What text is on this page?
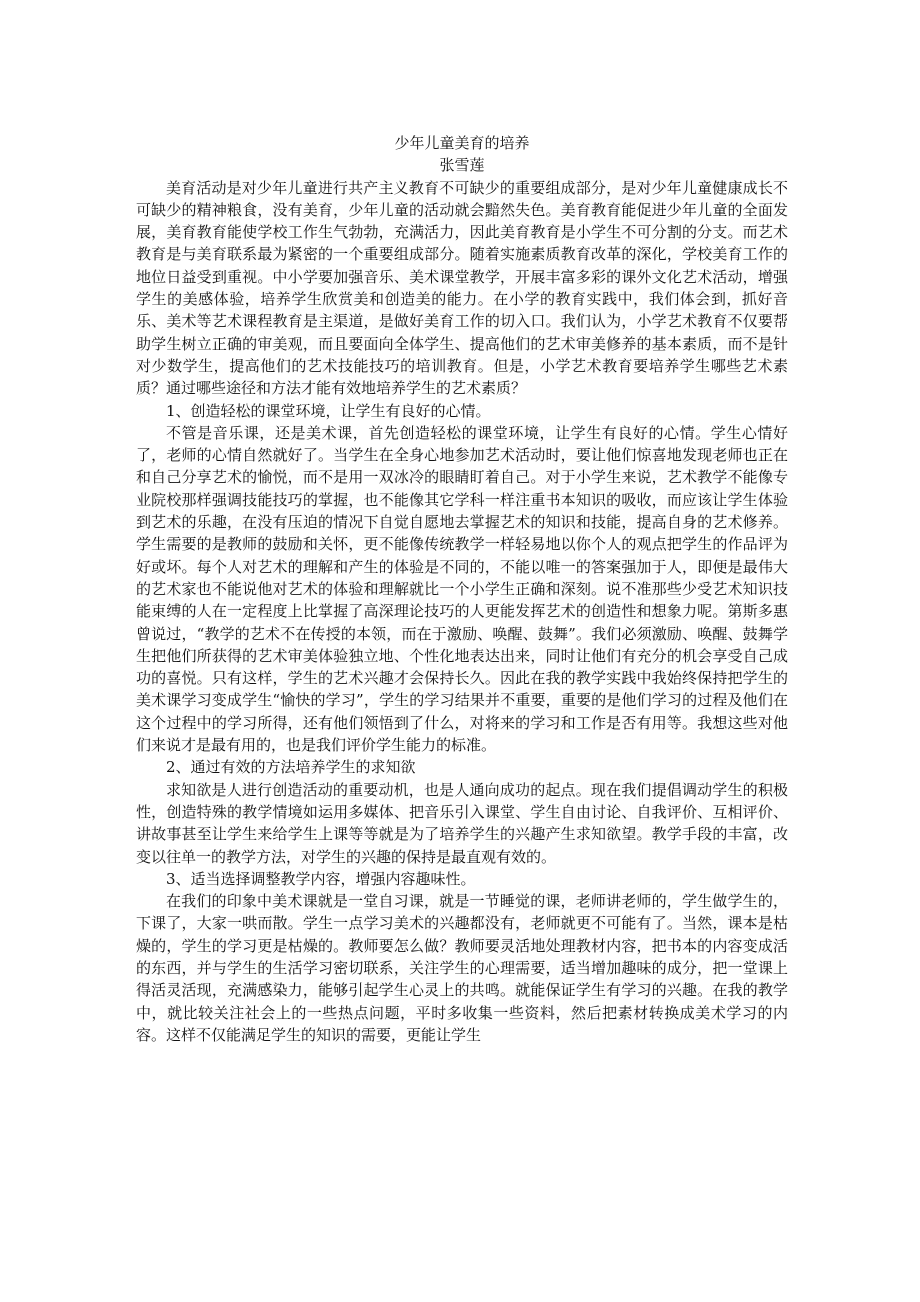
少年儿童美育的培养
张雪莲

美育活动是对少年儿童进行共产主义教育不可缺少的重要组成部分，是对少年儿童健康成长不可缺少的精神粮食，没有美育，少年儿童的活动就会黯然失色。美育教育能促进少年儿童的全面发展，美育教育能使学校工作生气勃勃，充满活力，因此美育教育是小学生不可分割的分支。而艺术教育是与美育联系最为紧密的一个重要组成部分。随着实施素质教育改革的深化，学校美育工作的地位日益受到重视。中小学要加强音乐、美术课堂教学，开展丰富多彩的课外文化艺术活动，增强学生的美感体验，培养学生欣赏美和创造美的能力。在小学的教育实践中，我们体会到，抓好音乐、美术等艺术课程教育是主渠道，是做好美育工作的切入口。我们认为，小学艺术教育不仅要帮助学生树立正确的审美观，而且要面向全体学生、提高他们的艺术审美修养的基本素质，而不是针对少数学生，提高他们的艺术技能技巧的培训教育。但是，小学艺术教育要培养学生哪些艺术素质？通过哪些途径和方法才能有效地培养学生的艺术素质？

1、创造轻松的课堂环境，让学生有良好的心情。

不管是音乐课，还是美术课，首先创造轻松的课堂环境，让学生有良好的心情。学生心情好了，老师的心情自然就好了。当学生在全身心地参加艺术活动时，要让他们惊喜地发现老师也正在和自己分享艺术的愉悦，而不是用一双冰冷的眼睛盯着自己。对于小学生来说，艺术教学不能像专业院校那样强调技能技巧的掌握，也不能像其它学科一样注重书本知识的吸收，而应该让学生体验到艺术的乐趣，在没有压迫的情况下自觉自愿地去掌握艺术的知识和技能，提高自身的艺术修养。学生需要的是教师的鼓励和关怀，更不能像传统教学一样轻易地以你个人的观点把学生的作品评为好或坏。每个人对艺术的理解和产生的体验是不同的，不能以唯一的答案强加于人，即便是最伟大的艺术家也不能说他对艺术的体验和理解就比一个小学生正确和深刻。说不准那些少受艺术知识技能束缚的人在一定程度上比掌握了高深理论技巧的人更能发挥艺术的创造性和想象力呢。第斯多惠曾说过，“教学的艺术不在传授的本领，而在于激励、唤醒、鼓舞”。我们必须激励、唤醒、鼓舞学生把他们所获得的艺术审美体验独立地、个性化地表达出来，同时让他们有充分的机会享受自己成功的喜悦。只有这样，学生的艺术兴趣才会保持长久。因此在我的教学实践中我始终保持把学生的美术课学习变成学生“愉快的学习”，学生的学习结果并不重要，重要的是他们学习的过程及他们在这个过程中的学习所得，还有他们领悟到了什么，对将来的学习和工作是否有用等。我想这些对他们来说才是最有用的，也是我们评价学生能力的标准。

2、通过有效的方法培养学生的求知欲

求知欲是人进行创造活动的重要动机，也是人通向成功的起点。现在我们提倡调动学生的积极性，创造特殊的教学情境如运用多媒体、把音乐引入课堂、学生自由讨论、自我评价、互相评价、讲故事甚至让学生来给学生上课等等就是为了培养学生的兴趣产生求知欲望。教学手段的丰富，改变以往单一的教学方法，对学生的兴趣的保持是最直观有效的。

3、适当选择调整教学内容，增强内容趣味性。

在我们的印象中美术课就是一堂自习课，就是一节睡觉的课，老师讲老师的，学生做学生的，下课了，大家一哄而散。学生一点学习美术的兴趣都没有，老师就更不可能有了。当然，课本是枯燥的，学生的学习更是枯燥的。教师要怎么做？教师要灵活地处理教材内容，把书本的内容变成活的东西，并与学生的生活学习密切联系，关注学生的心理需要，适当增加趣味的成分，把一堂课上得活灵活现，充满感染力，能够引起学生心灵上的共鸣。就能保证学生有学习的兴趣。在我的教学中，就比较关注社会上的一些热点问题，平时多收集一些资料，然后把素材转换成美术学习的内容。这样不仅能满足学生的知识的需要，更能让学生
